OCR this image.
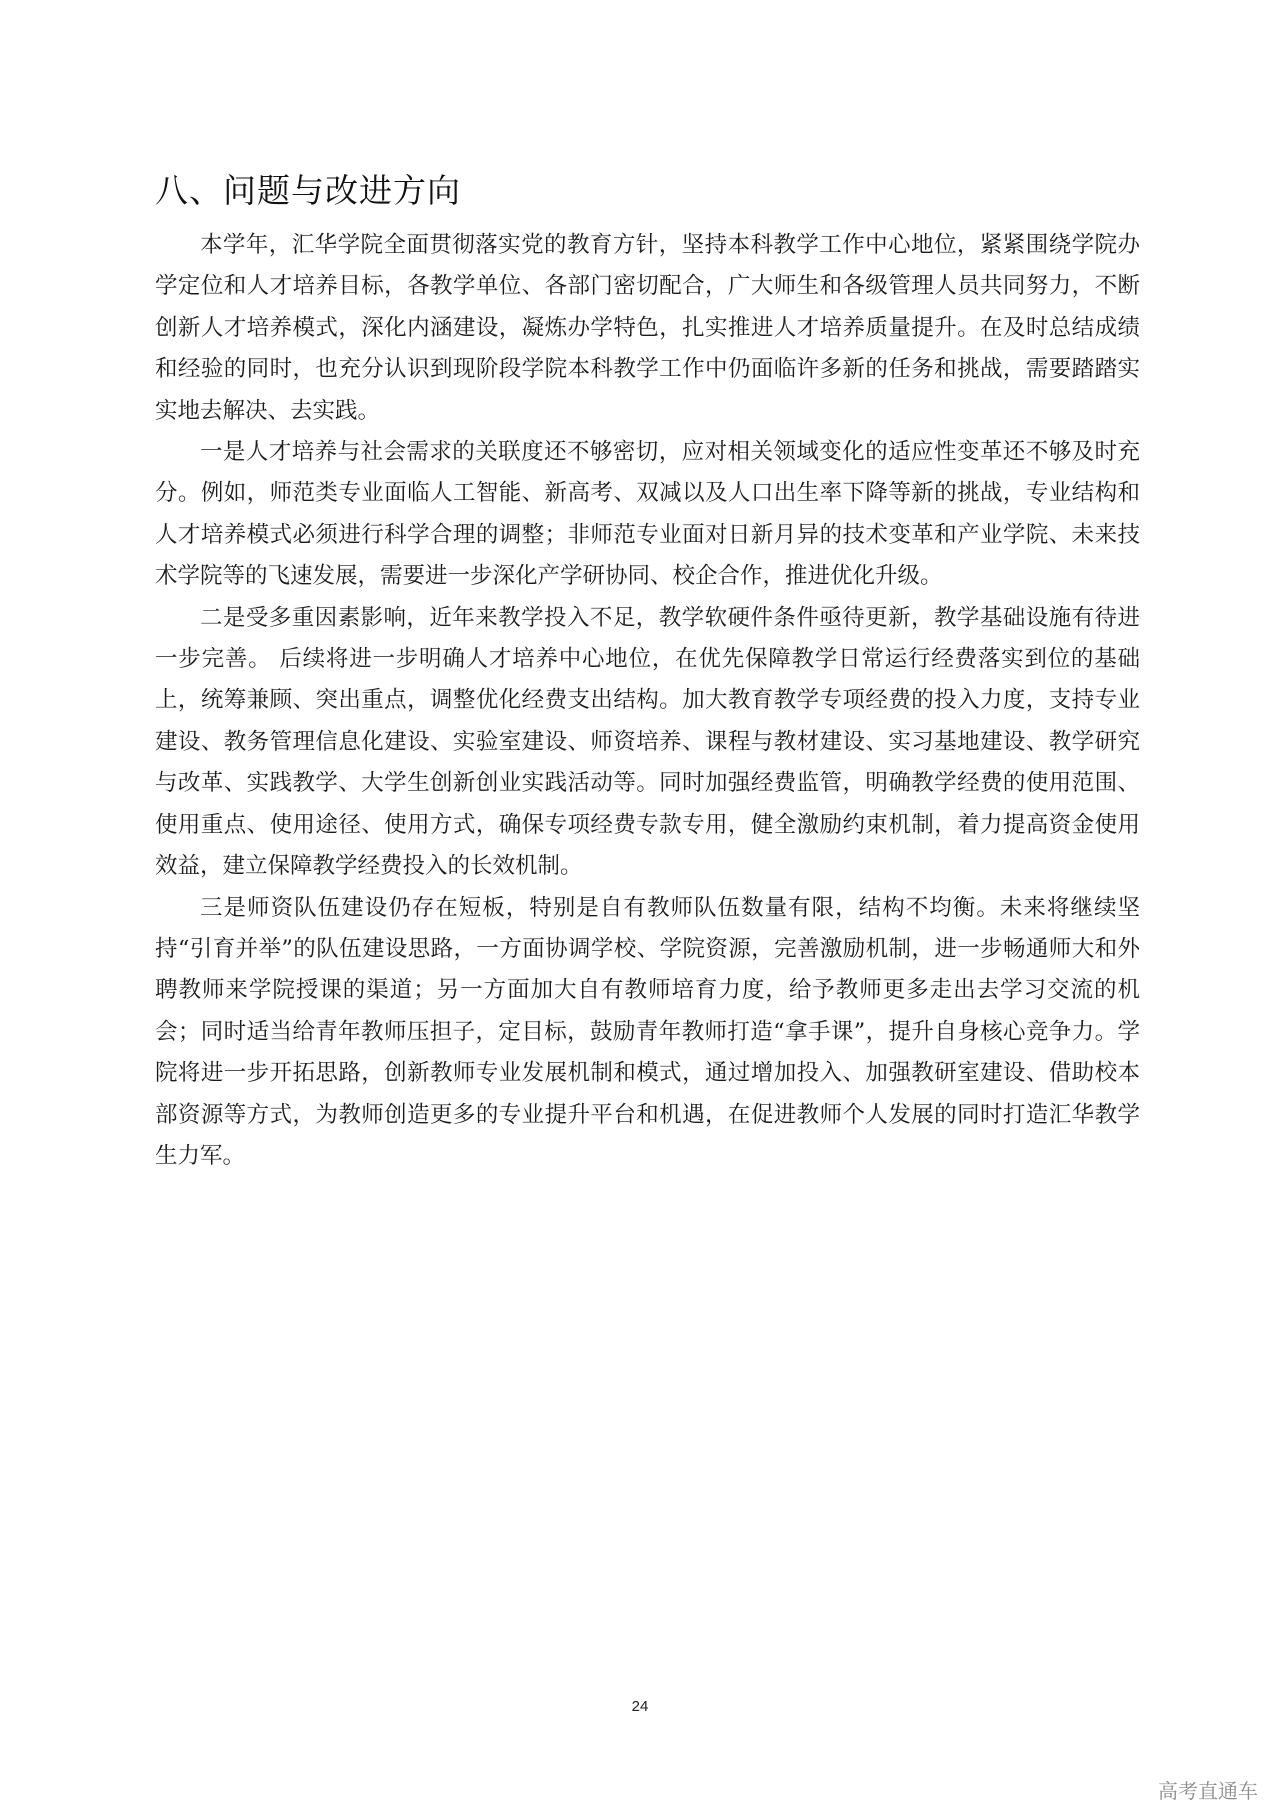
八、问题与改进方向

本学年，汇华学院全面贯彻落实党的教育方针，坚持本科教学工作中心地位，紧紧围绕学院办学定位和人才培养目标，各教学单位、各部门密切配合，广大师生和各级管理人员共同努力，不断创新人才培养模式，深化内涵建设，凝炼办学特色，扎实推进人才培养质量提升。在及时总结成绩和经验的同时，也充分认识到现阶段学院本科教学工作中仍面临许多新的任务和挑战，需要踏踏实实地去解决、去实践。

一是人才培养与社会需求的关联度还不够密切，应对相关领域变化的适应性变革还不够及时充分。例如，师范类专业面临人工智能、新高考、双减以及人口出生率下降等新的挑战，专业结构和人才培养模式必须进行科学合理的调整；非师范专业面对日新月异的技术变革和产业学院、未来技术学院等的飞速发展，需要进一步深化产学研协同、校企合作，推进优化升级。

二是受多重因素影响，近年来教学投入不足，教学软硬件条件亟待更新，教学基础设施有待进一步完善。 后续将进一步明确人才培养中心地位，在优先保障教学日常运行经费落实到位的基础上，统筹兼顾、突出重点，调整优化经费支出结构。加大教育教学专项经费的投入力度，支持专业建设、教务管理信息化建设、实验室建设、师资培养、课程与教材建设、实习基地建设、教学研究与改革、实践教学、大学生创新创业实践活动等。同时加强经费监管，明确教学经费的使用范围、使用重点、使用途径、使用方式，确保专项经费专款专用，健全激励约束机制，着力提高资金使用效益，建立保障教学经费投入的长效机制。

三是师资队伍建设仍存在短板，特别是自有教师队伍数量有限，结构不均衡。未来将继续坚持“引育并举”的队伍建设思路，一方面协调学校、学院资源，完善激励机制，进一步畅通师大和外聘教师来学院授课的渠道；另一方面加大自有教师培育力度，给予教师更多走出去学习交流的机会；同时适当给青年教师压担子，定目标，鼓励青年教师打造“拿手课”，提升自身核心竞争力。学院将进一步开拓思路，创新教师专业发展机制和模式，通过增加投入、加强教研室建设、借助校本部资源等方式，为教师创造更多的专业提升平台和机遇，在促进教师个人发展的同时打造汇华教学生力军。

24
高考直通车
